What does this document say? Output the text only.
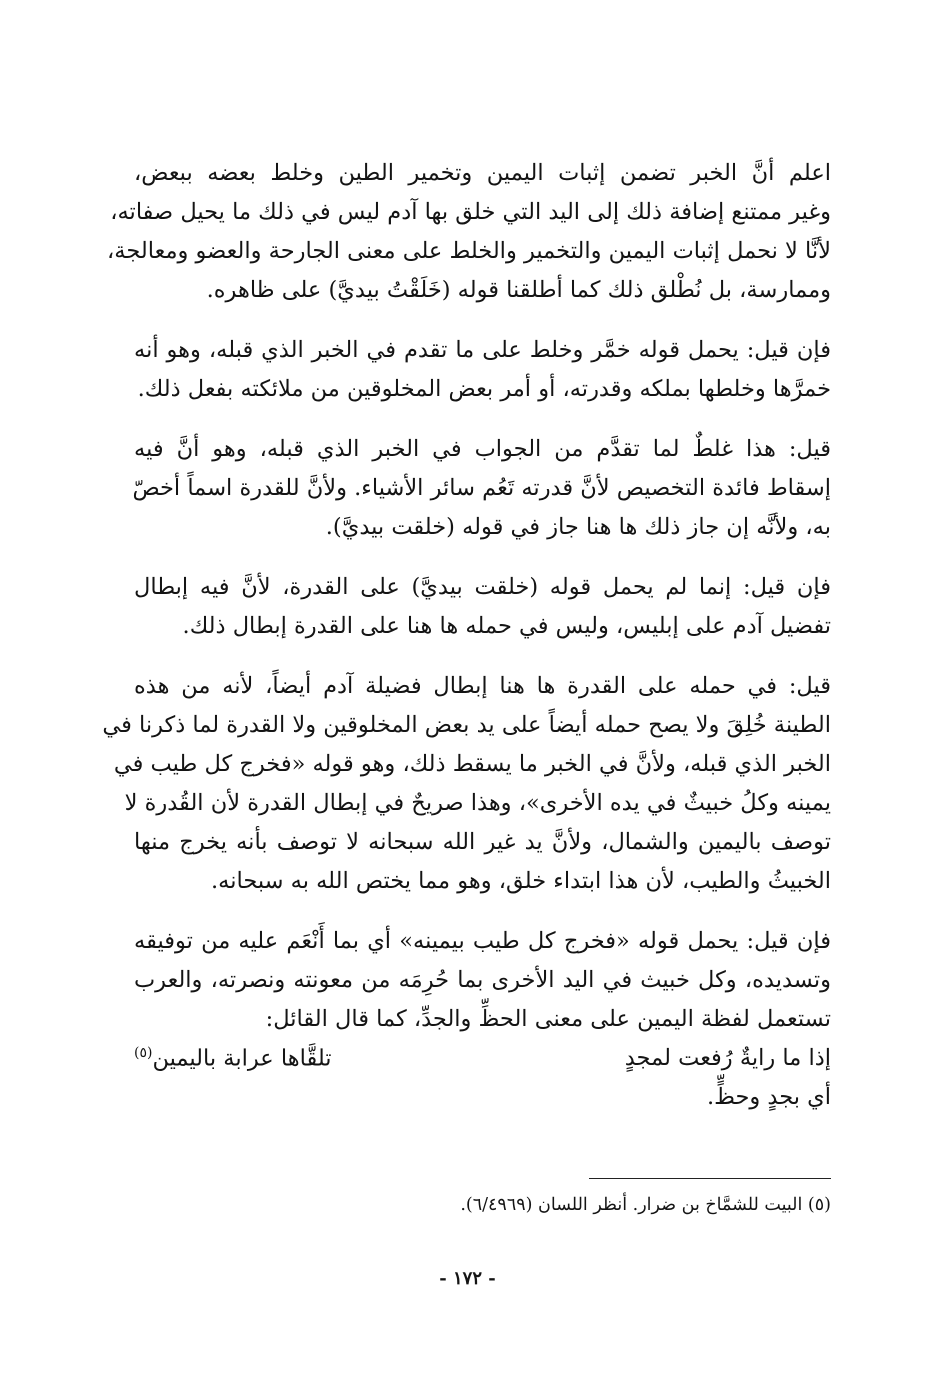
اعلم أنَّ الخبر تضمن إثبات اليمين وتخمير الطين وخلط بعضه ببعض،
وغير ممتنع إضافة ذلك إلى اليد التي خلق بها آدم ليس في ذلك ما يحيل صفاته،
لأنَّا لا نحمل إثبات اليمين والتخمير والخلط على معنى الجارحة والعضو ومعالجة،
وممارسة، بل نُطْلق ذلك كما أطلقنا قوله (خَلَقْتُ بيديَّ) على ظاهره.
فإن قيل: يحمل قوله خمَّر وخلط على ما تقدم في الخبر الذي قبله، وهو أنه
خمرَّها وخلطها بملكه وقدرته، أو أمر بعض المخلوقين من ملائكته بفعل ذلك.
قيل: هذا غلطٌ لما تقدَّم من الجواب في الخبر الذي قبله، وهو أنَّ فيه
إسقاط فائدة التخصيص لأنَّ قدرته تَعُم سائر الأشياء. ولأنَّ للقدرة اسماً أخصّ
به، ولأنَّه إن جاز ذلك ها هنا جاز في قوله (خلقت بيديَّ).
فإن قيل: إنما لم يحمل قوله (خلقت بيديَّ) على القدرة، لأنَّ فيه إبطال
تفضيل آدم على إبليس، وليس في حمله ها هنا على القدرة إبطال ذلك.
قيل: في حمله على القدرة ها هنا إبطال فضيلة آدم أيضاً، لأنه من هذه
الطينة خُلِقَ ولا يصح حمله أيضاً على يد بعض المخلوقين ولا القدرة لما ذكرنا في
الخبر الذي قبله، ولأنَّ في الخبر ما يسقط ذلك، وهو قوله «فخرج كل طيب في
يمينه وكلُ خبيثٌ في يده الأخرى»، وهذا صريحٌ في إبطال القدرة لأن القُدرة لا
توصف باليمين والشمال، ولأنَّ يد غير الله سبحانه لا توصف بأنه يخرج منها
الخبيثُ والطيب، لأن هذا ابتداء خلق، وهو مما يختص الله به سبحانه.
فإن قيل: يحمل قوله «فخرج كل طيب بيمينه» أي بما أَنْعَم عليه من توفيقه
وتسديده، وكل خبيث في اليد الأخرى بما حُرِمَه من معونته ونصرته، والعرب
تستعمل لفظة اليمين على معنى الحظِّ والجدِّ، كما قال القائل:
إذا ما رايةٌ رُفعت لمجدٍ
تلقَّاها عرابة باليمين$^{(٥)}$
أي بجدٍ وحظٍّ.
(٥) البيت للشمَّاخ بن ضرار. أنظر اللسان (٦/٤٩٦٩).
- ١٧٢ -
